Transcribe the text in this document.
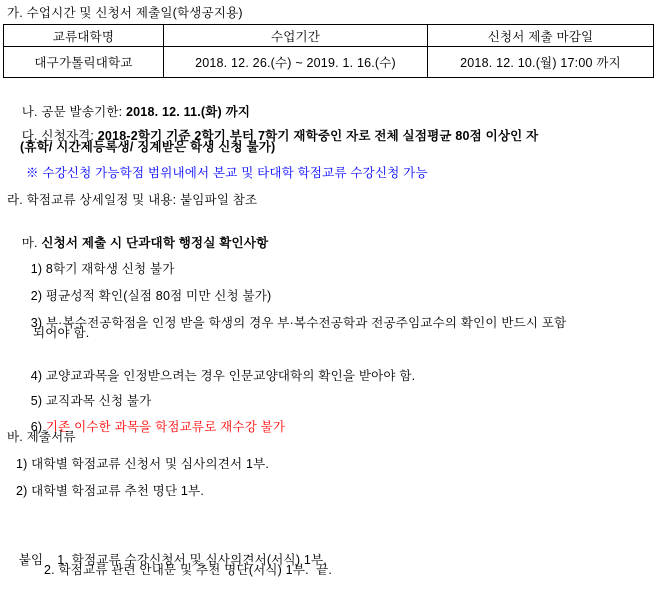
가. 수업시간 및 신청서 제출일(학생공지용)
교류대학명	수업기간	신청서 제출 마감일
대구가톨릭대학교	2018. 12. 26.(수) ~ 2019. 1. 16.(수)	2018. 12. 10.(월) 17:00 까지

나. 공문 발송기한: 2018. 12. 11.(화) 까지

다. 신청자격: 2018-2학기 기준 2학기 부터 7학기 재학중인 자로 전체 실점평균 80점 이상인 자

(휴학/ 시간제등록생/ 징계받은 학생 신청 불가)
※ 수강신청 가능학점 범위내에서 본교 및 타대학 학점교류 수강신청 가능
라. 학점교류 상세일정 및 내용: 붙임파일 참조

마. 신청서 제출 시 단과대학 행정실 확인사항

1) 8학기 재학생 신청 불가

2) 평균성적 확인(실점 80점 미만 신청 불가)

3) 부·복수전공학점을 인정 받을 학생의 경우 부·복수전공학과 전공주임교수의 확인이 반드시 포함

되어야 함.

4) 교양교과목을 인정받으려는 경우 인문교양대학의 확인을 받아야 함.

5) 교직과목 신청 불가

6) 기존 이수한 과목을 학점교류로 재수강 불가

바. 제출서류
1) 대학별 학점교류 신청서 및 심사의견서 1부.
2) 대학별 학점교류 추천 명단 1부.

붙임 1. 학점교류 수강신청서 및 심사의견서(서식) 1부.

2. 학점교류 관련 안내문 및 추천 명단(서식) 1부.  끝.
